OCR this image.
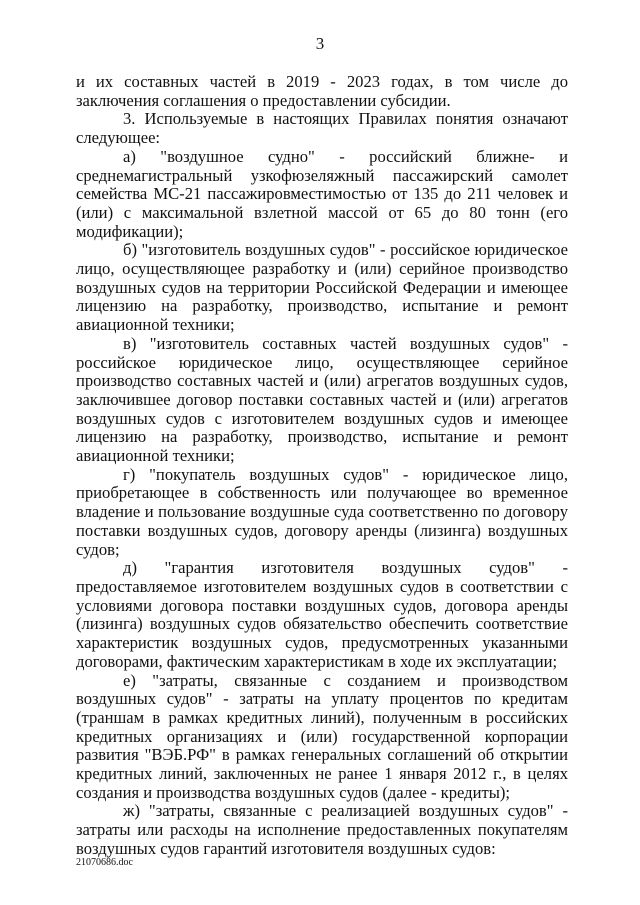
3

и их составных частей в 2019 - 2023 годах, в том числе до заключения соглашения о предоставлении субсидии.

3. Используемые в настоящих Правилах понятия означают следующее:

а) "воздушное судно" - российский ближне- и среднемагистральный узкофюзеляжный пассажирский самолет семейства МС-21 пассажировместимостью от 135 до 211 человек и (или) с максимальной взлетной массой от 65 до 80 тонн (его модификации);

б) "изготовитель воздушных судов" - российское юридическое лицо, осуществляющее разработку и (или) серийное производство воздушных судов на территории Российской Федерации и имеющее лицензию на разработку, производство, испытание и ремонт авиационной техники;

в) "изготовитель составных частей воздушных судов" - российское юридическое лицо, осуществляющее серийное производство составных частей и (или) агрегатов воздушных судов, заключившее договор поставки составных частей и (или) агрегатов воздушных судов с изготовителем воздушных судов и имеющее лицензию на разработку, производство, испытание и ремонт авиационной техники;

г) "покупатель воздушных судов" - юридическое лицо, приобретающее в собственность или получающее во временное владение и пользование воздушные суда соответственно по договору поставки воздушных судов, договору аренды (лизинга) воздушных судов;

д) "гарантия изготовителя воздушных судов" - предоставляемое изготовителем воздушных судов в соответствии с условиями договора поставки воздушных судов, договора аренды (лизинга) воздушных судов обязательство обеспечить соответствие характеристик воздушных судов, предусмотренных указанными договорами, фактическим характеристикам в ходе их эксплуатации;

е) "затраты, связанные с созданием и производством воздушных судов" - затраты на уплату процентов по кредитам (траншам в рамках кредитных линий), полученным в российских кредитных организациях и (или) государственной корпорации развития "ВЭБ.РФ" в рамках генеральных соглашений об открытии кредитных линий, заключенных не ранее 1 января 2012 г., в целях создания и производства воздушных судов (далее - кредиты);

ж) "затраты, связанные с реализацией воздушных судов" - затраты или расходы на исполнение предоставленных покупателям воздушных судов гарантий изготовителя воздушных судов:

21070686.doc
